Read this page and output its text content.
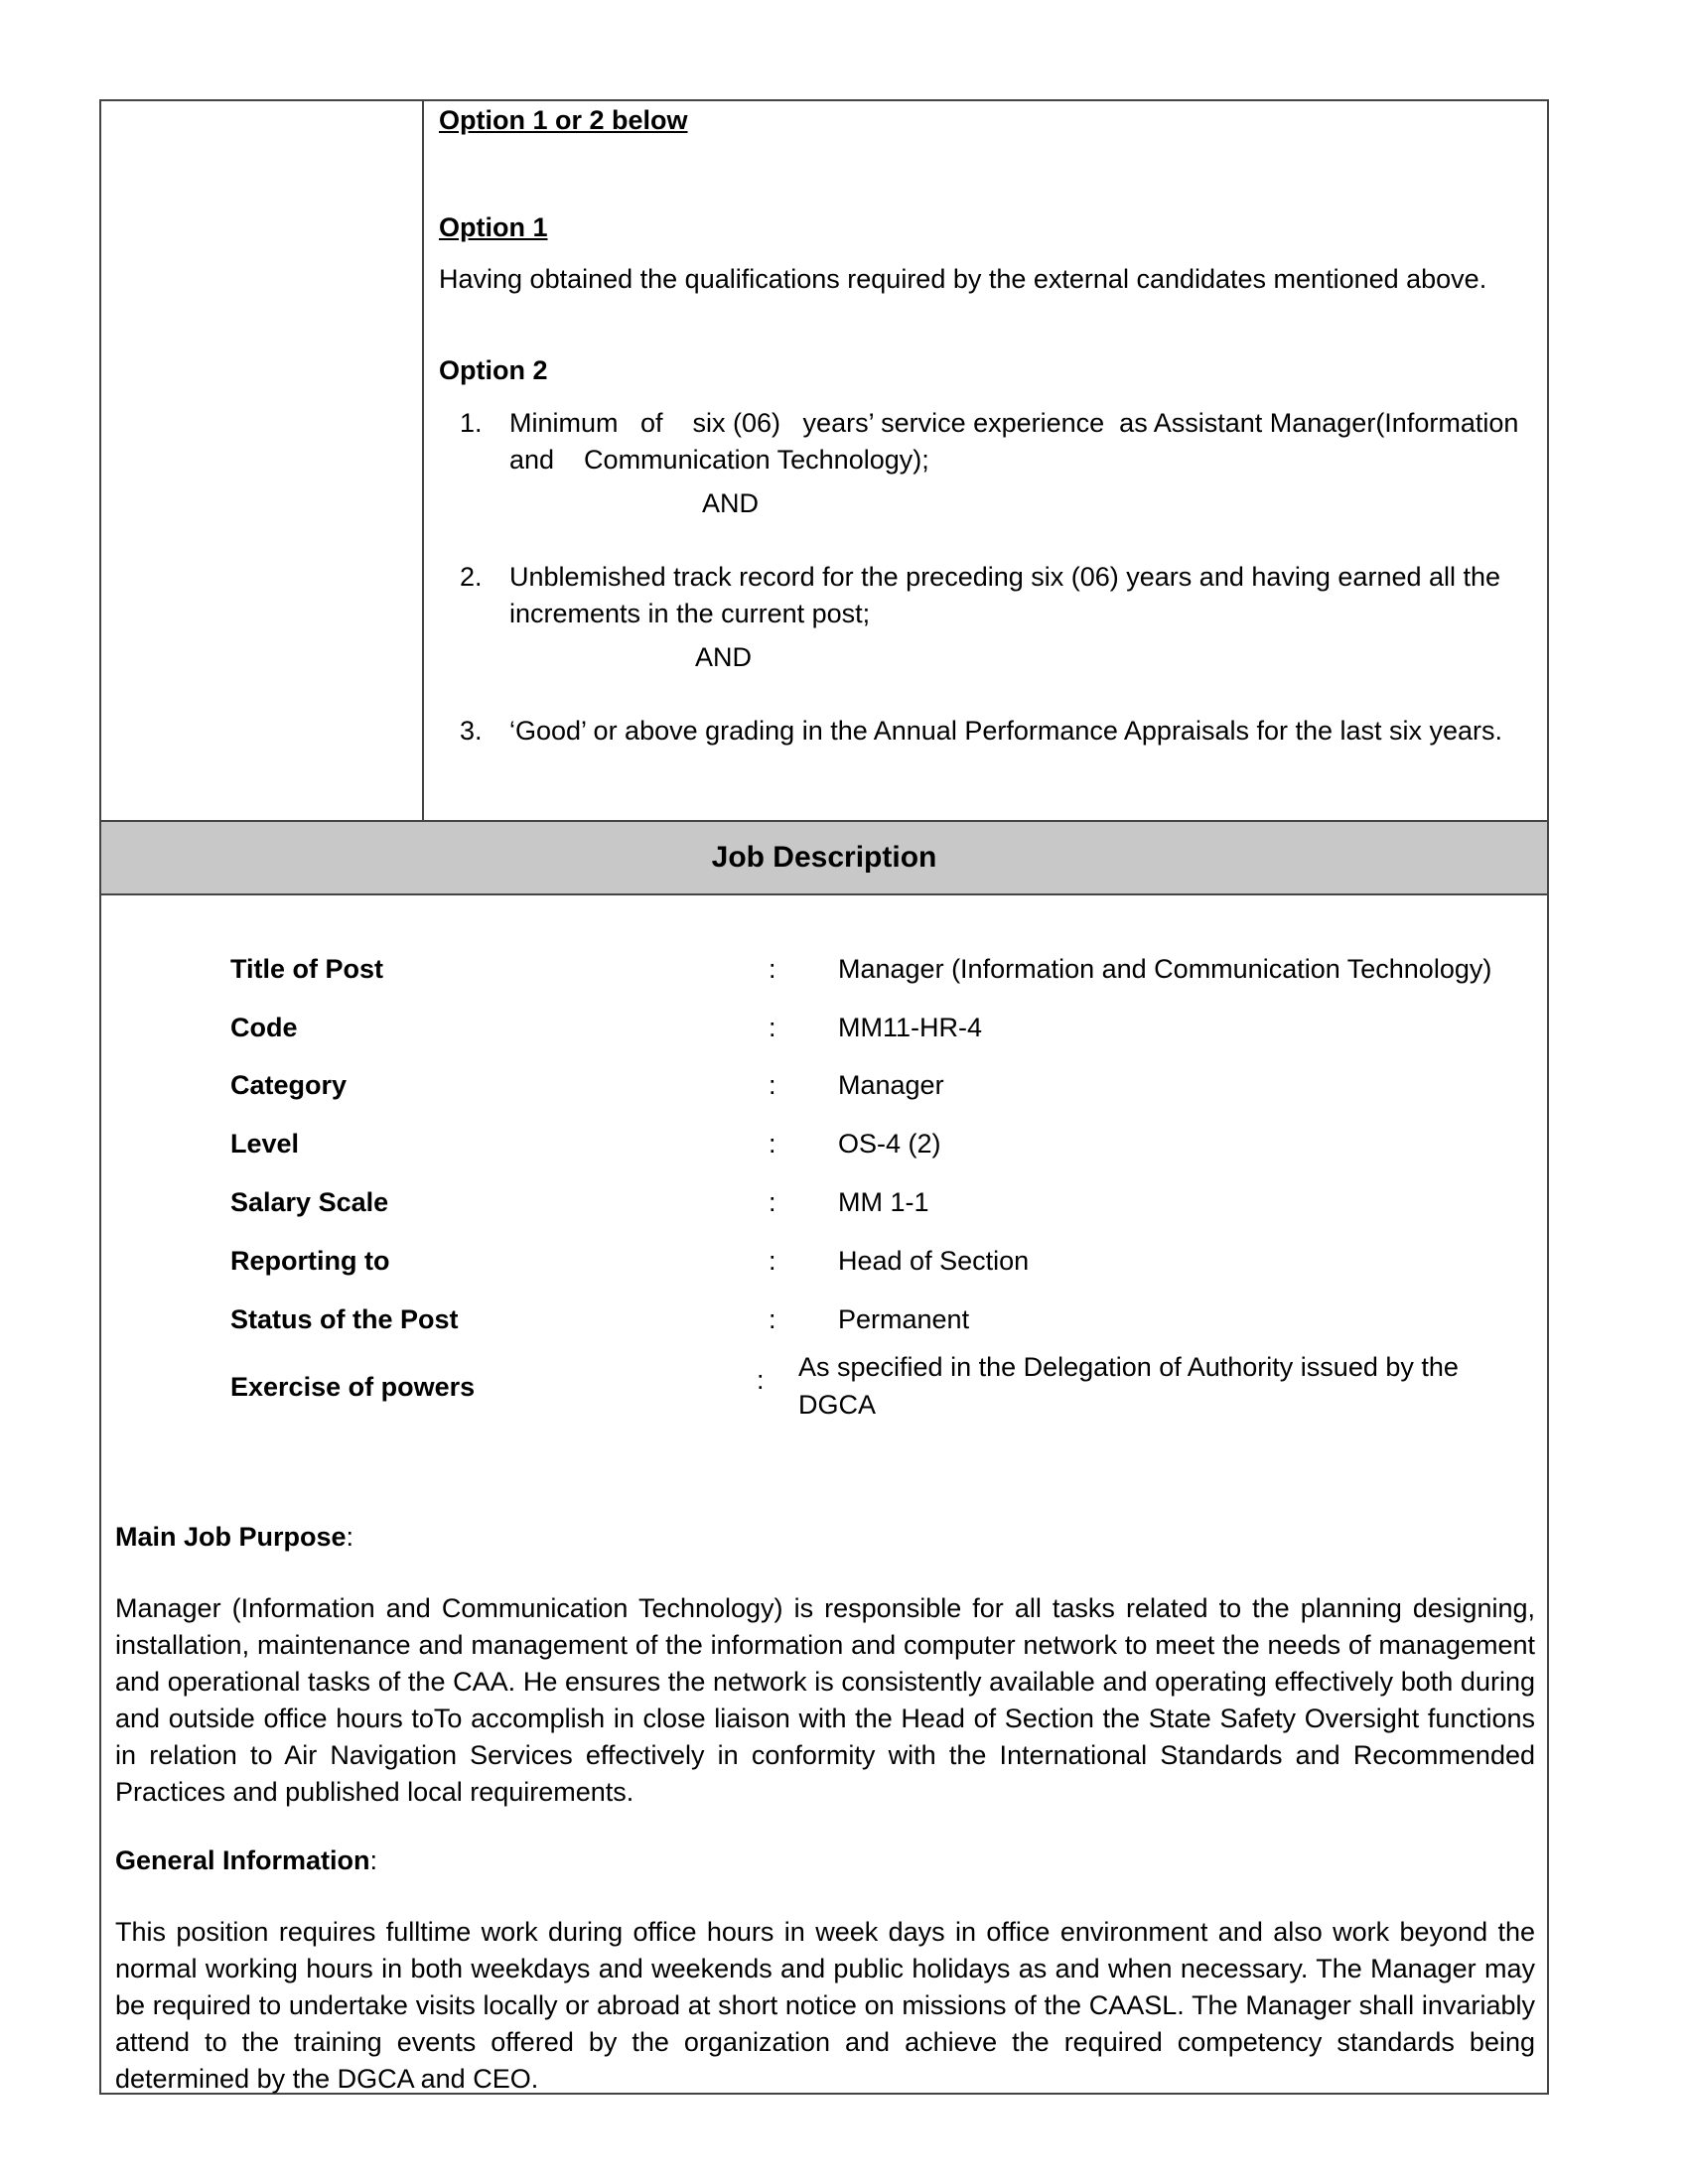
Option 1 or 2 below
Option 1
Having obtained the qualifications required by the external candidates mentioned above.
Option 2
1. Minimum   of    six (06)   years’ service experience  as Assistant Manager(Information
and    Communication Technology);
AND
2. Unblemished track record for the preceding six (06) years and having earned all the
increments in the current post;
AND
3. ‘Good’ or above grading in the Annual Performance Appraisals for the last six years.
Job Description
Title of Post	: Manager (Information and Communication Technology)
Code	: MM11-HR-4
Category	: Manager
Level	: OS-4 (2)
Salary Scale	: MM 1-1
Reporting to	: Head of Section
Status of the Post	: Permanent
Exercise of powers	: As specified in the Delegation of Authority issued by the
DGCA
Main Job Purpose:
Manager (Information and Communication Technology) is responsible for all tasks related to the planning designing, installation, maintenance and management of the information and computer network to meet the needs of management and operational tasks of the CAA. He ensures the network is consistently available and operating effectively both during and outside office hours toTo accomplish in close liaison with the Head of Section the State Safety Oversight functions in relation to Air Navigation Services effectively in conformity with the International Standards and Recommended Practices and published local requirements.
General Information:
This position requires fulltime work during office hours in week days in office environment and also work beyond the normal working hours in both weekdays and weekends and public holidays as and when necessary. The Manager may be required to undertake visits locally or abroad at short notice on missions of the CAASL. The Manager shall invariably attend to the training events offered by the organization and achieve the required competency standards being determined by the DGCA and CEO.
